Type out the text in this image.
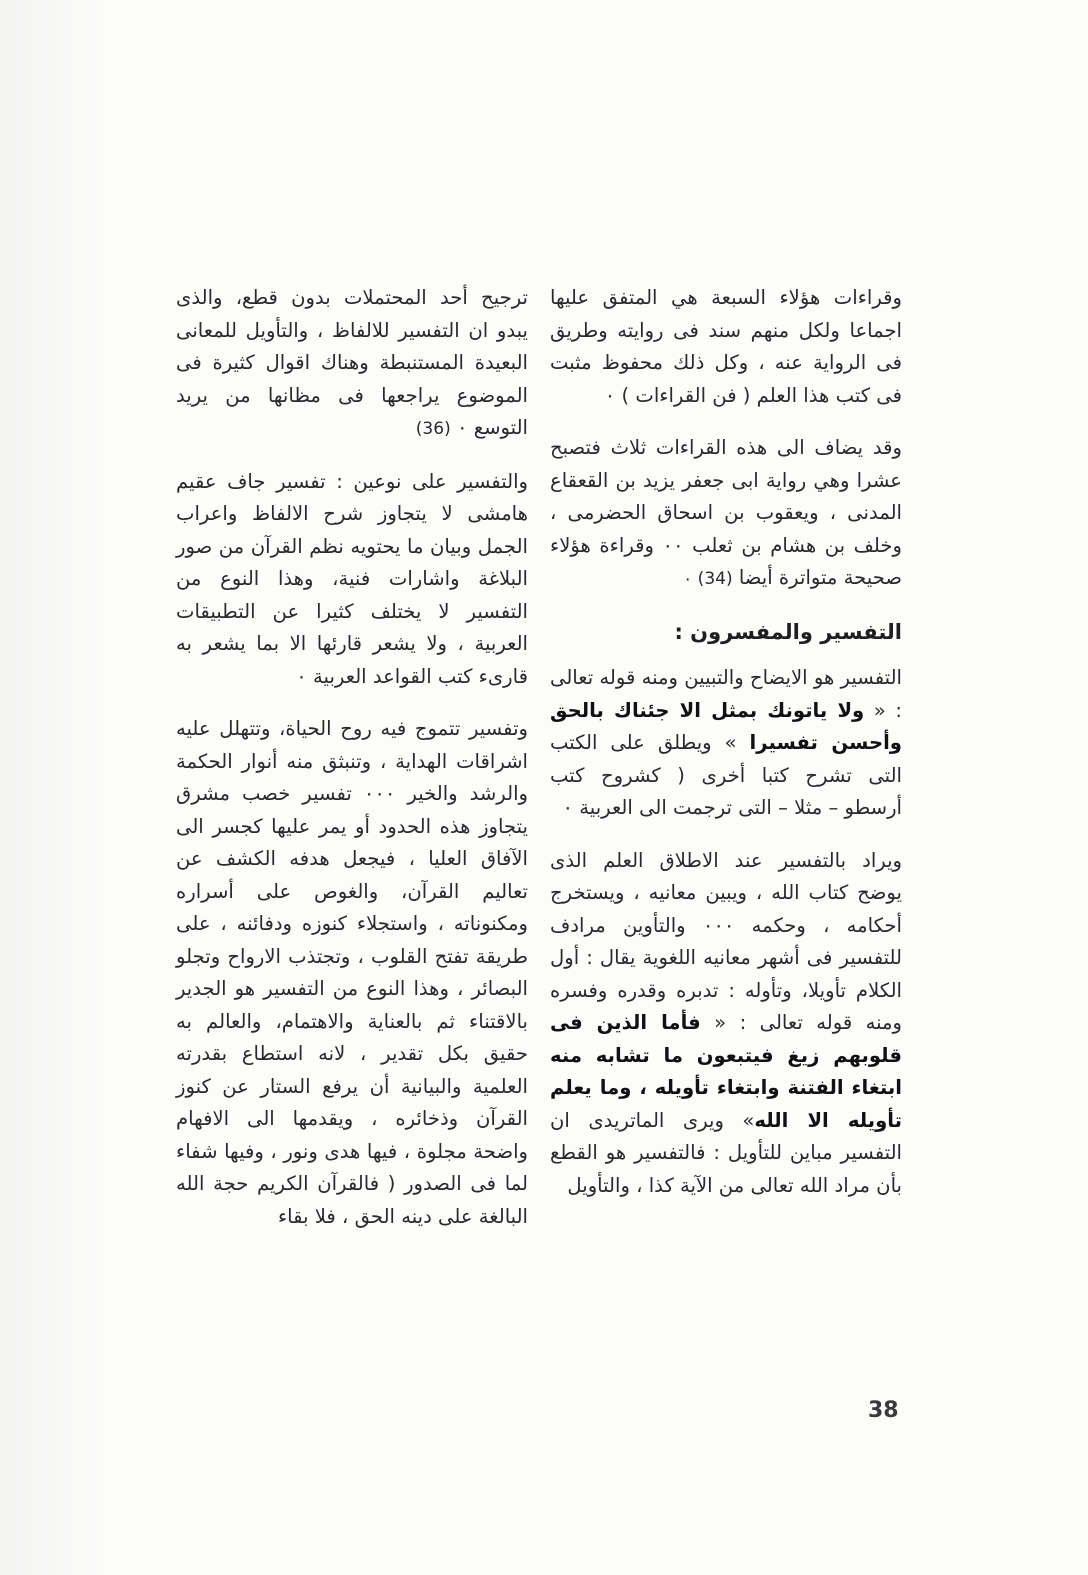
وقراءات هؤلاء السبعة هي المتفق عليها اجماعا ولكل منهم سند فى روايته وطريق فى الرواية عنه ، وكل ذلك محفوظ مثبت فى كتب هذا العلم ( فن القراءات ) ٠

وقد يضاف الى هذه القراءات ثلاث فتصبح عشرا وهي رواية ابى جعفر يزيد بن القعقاع المدنى ، ويعقوب بن اسحاق الحضرمى ، وخلف بن هشام بن ثعلب ٠٠ وقراءة هؤلاء صحيحة متواترة أيضا (34) ٠

التفسير والمفسرون :

التفسير هو الايضاح والتبيين ومنه قوله تعالى : « ولا ياتونك بمثل الا جئناك بالحق وأحسن تفسيرا » ويطلق على الكتب التى تشرح كتبا أخرى ( كشروح كتب أرسطو – مثلا – التى ترجمت الى العربية ٠

ويراد بالتفسير عند الاطلاق العلم الذى يوضح كتاب الله ، ويبين معانيه ، ويستخرج أحكامه ، وحكمه ٠٠٠ والتأوين مرادف للتفسير فى أشهر معانيه اللغوية يقال : أول الكلام تأويلا، وتأوله : تدبره وقدره وفسره ومنه قوله تعالى : « فأما الذين فى قلوبهم زيغ فيتبعون ما تشابه منه ابتغاء الفتنة وابتغاء تأويله ، وما يعلم تأويله الا الله» ويرى الماتريدى ان التفسير مباين للتأويل : فالتفسير هو القطع بأن مراد الله تعالى من الآية كذا ، والتأويل

ترجيح أحد المحتملات بدون قطع، والذى يبدو ان التفسير للالفاظ ، والتأويل للمعانى البعيدة المستنبطة وهناك اقوال كثيرة فى الموضوع يراجعها فى مظانها من يريد التوسع ٠ (36)

والتفسير على نوعين : تفسير جاف عقيم هامشى لا يتجاوز شرح الالفاظ واعراب الجمل وبيان ما يحتويه نظم القرآن من صور البلاغة واشارات فنية، وهذا النوع من التفسير لا يختلف كثيرا عن التطبيقات العربية ، ولا يشعر قارئها الا بما يشعر به قارىء كتب القواعد العربية ٠

وتفسير تتموج فيه روح الحياة، وتتهلل عليه اشراقات الهداية ، وتنبثق منه أنوار الحكمة والرشد والخير ٠٠٠ تفسير خصب مشرق يتجاوز هذه الحدود أو يمر عليها كجسر الى الآفاق العليا ، فيجعل هدفه الكشف عن تعاليم القرآن، والغوص على أسراره ومكنوناته ، واستجلاء كنوزه ودفائنه ، على طريقة تفتح القلوب ، وتجتذب الارواح وتجلو البصائر ، وهذا النوع من التفسير هو الجدير بالاقتناء ثم بالعناية والاهتمام، والعالم به حقيق بكل تقدير ، لانه استطاع بقدرته العلمية والبيانية أن يرفع الستار عن كنوز القرآن وذخائره ، ويقدمها الى الافهام واضحة مجلوة ، فيها هدى ونور ، وفيها شفاء لما فى الصدور ( فالقرآن الكريم حجة الله البالغة على دينه الحق ، فلا بقاء

38
